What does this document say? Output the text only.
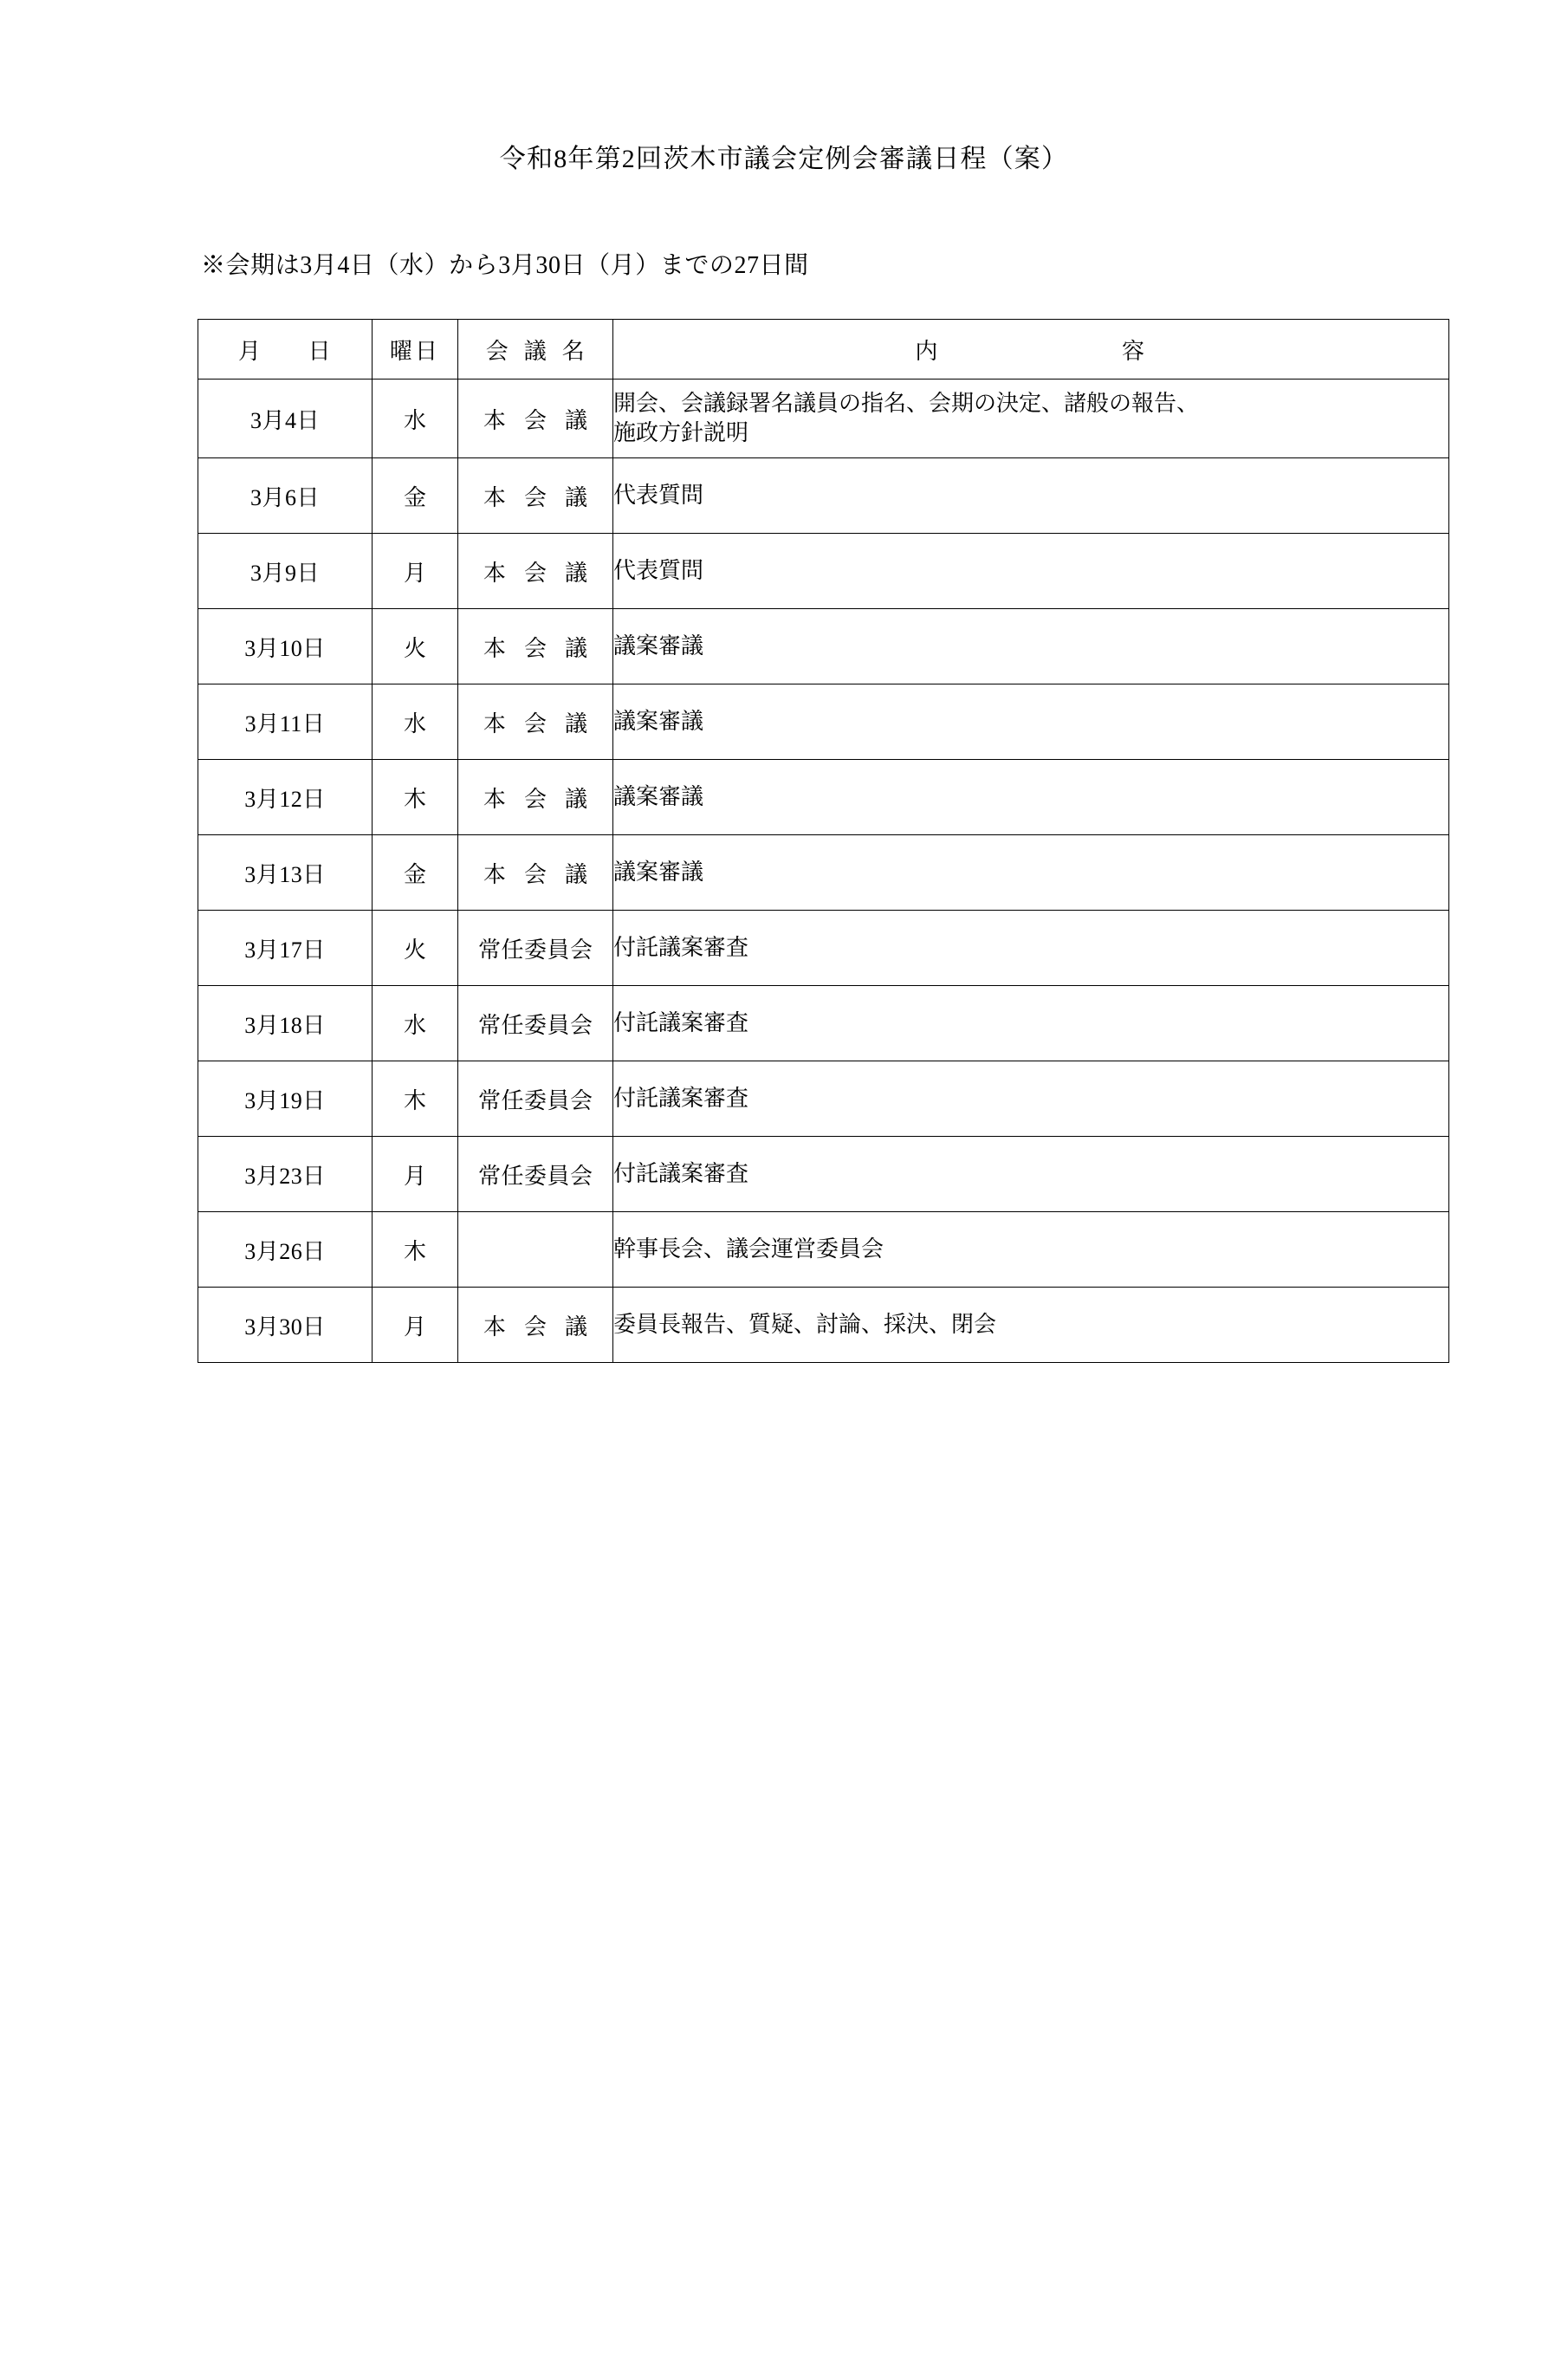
令和8年第2回茨木市議会定例会審議日程（案）
※会期は3月4日（水）から3月30日（月）までの27日間
月　日	曜日	会 議 名	内 容

3月4日	水	本 会 議	開会、会議録署名議員の指名、会期の決定、諸般の報告、
施政方針説明

3月6日	金	本 会 議	代表質問

3月9日	月	本 会 議	代表質問

3月10日	火	本 会 議	議案審議

3月11日	水	本 会 議	議案審議

3月12日	木	本 会 議	議案審議

3月13日	金	本 会 議	議案審議

3月17日	火	常任委員会	付託議案審査

3月18日	水	常任委員会	付託議案審査

3月19日	木	常任委員会	付託議案審査

3月23日	月	常任委員会	付託議案審査

3月26日	木		幹事長会、議会運営委員会

3月30日	月	本 会 議	委員長報告、質疑、討論、採決、閉会
